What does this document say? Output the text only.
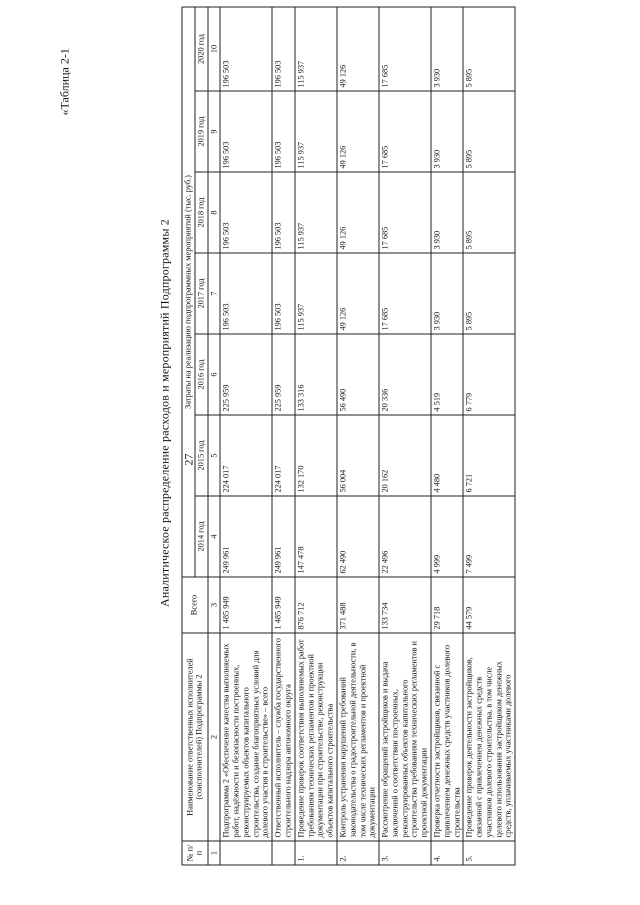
27
«Таблица 2-1
Аналитическое распределение расходов и мероприятий Подпрограммы 2
№ п/п	Наименование ответственных исполнителей (соисполнителей) Подпрограммы 2	Всего	Затраты на реализацию подпрограммных мероприятий (тыс. руб.)						
			2014 год	2015 год	2016 год	2017 год	2018 год	2019 год	2020 год
1	2	3	4	5	6	7	8	9	10
	Подпрограмма 2 «Обеспечение качества выполняемых работ, надёжности и безопасности построенных, реконструируемых объектов капитального строительства, создание благоприятных условий для долевого участия в строительстве» – всего	1 485 949	249 961	224 017	225 959	196 503	196 503	196 503	196 503
	Ответственный исполнитель – служба государственного строительного надзора автономного округа	1 485 949	249 961	224 017	225 959	196 503	196 503	196 503	196 503
1.	Проведение проверок соответствия выполняемых работ требованиям технических регламентов и проектной документации при строительстве, реконструкции объектов капитального строительства	876 712	147 478	132 170	133 316	115 937	115 937	115 937	115 937
2.	Контроль устранения нарушений требований законодательства о градостроительной деятельности, в том числе технических регламентов и проектной документации	371 488	62 490	56 004	56 490	49 126	49 126	49 126	49 126
3.	Рассмотрение обращений застройщиков и выдача заключений о соответствии построенных, реконструированных объектов капитального строительства требованиям технических регламентов и проектной документации	133 734	22 496	20 162	20 336	17 685	17 685	17 685	17 685
4.	Проверка отчетности застройщиков, связанной с привлечением денежных средств участников долевого строительства	29 718	4 999	4 480	4 519	3 930	3 930	3 930	3 930
5.	Проведение проверок деятельности застройщиков, связанной с привлечением денежных средств участников долевого строительства, в том числе целевого использования застройщиком денежных средств, уплачиваемых участниками долевого	44 579	7 499	6 721	6 779	5 895	5 895	5 895	5 895
